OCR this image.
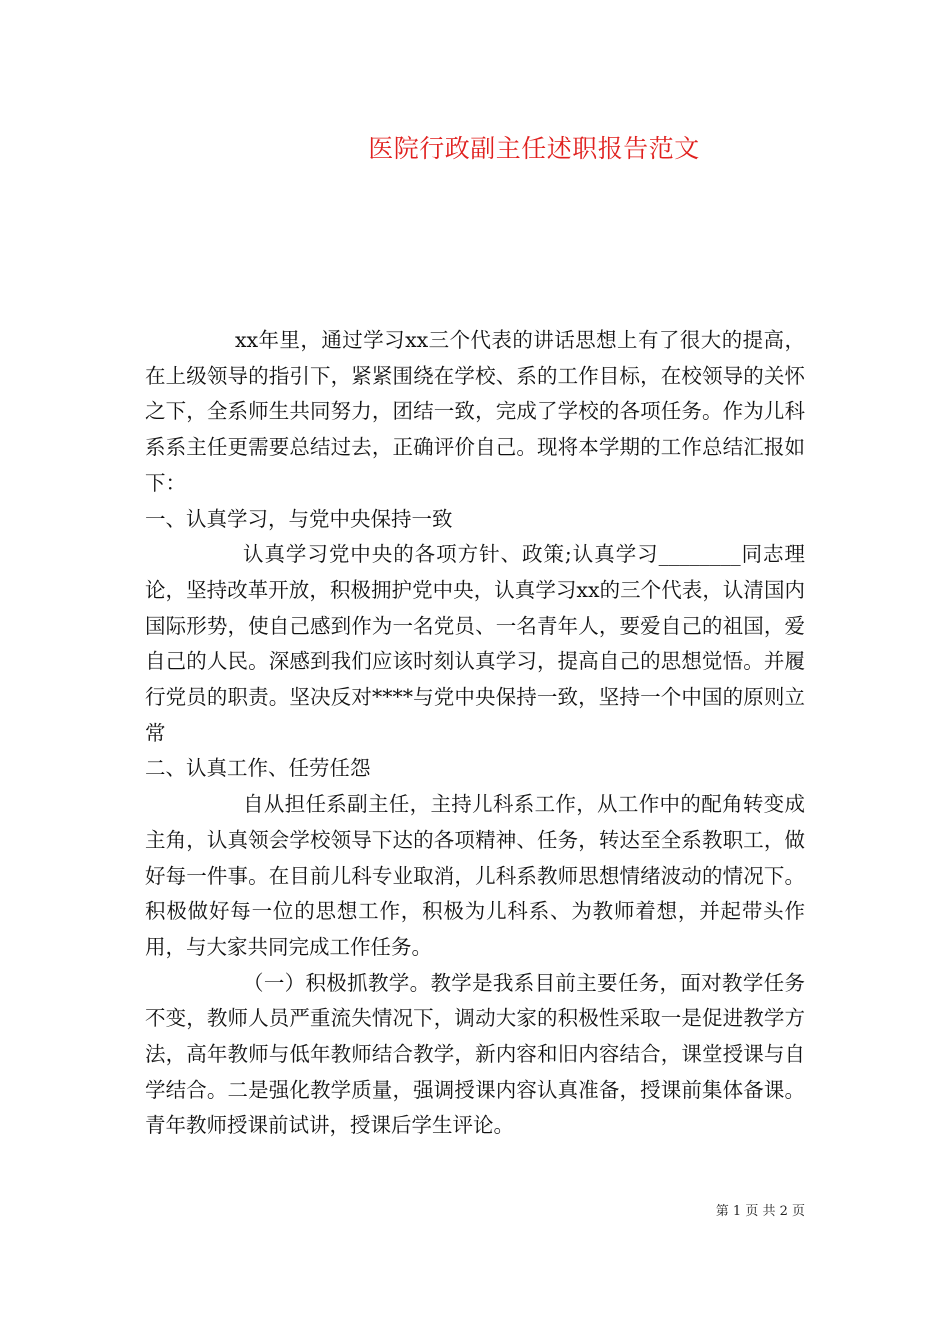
医院行政副主任述职报告范文

xx年里，通过学习xx三个代表的讲话思想上有了很大的提高，在上级领导的指引下，紧紧围绕在学校、系的工作目标，在校领导的关怀之下，全系师生共同努力，团结一致，完成了学校的各项任务。作为儿科系系主任更需要总结过去，正确评价自己。现将本学期的工作总结汇报如下：

一、认真学习，与党中央保持一致

认真学习党中央的各项方针、政策;认真学习________同志理论，坚持改革开放，积极拥护党中央，认真学习xx的三个代表，认清国内国际形势，使自己感到作为一名党员、一名青年人，要爱自己的祖国，爱自己的人民。深感到我们应该时刻认真学习，提高自己的思想觉悟。并履行党员的职责。坚决反对****与党中央保持一致，坚持一个中国的原则立常

二、认真工作、任劳任怨

自从担任系副主任，主持儿科系工作，从工作中的配角转变成主角，认真领会学校领导下达的各项精神、任务，转达至全系教职工，做好每一件事。在目前儿科专业取消，儿科系教师思想情绪波动的情况下。积极做好每一位的思想工作，积极为儿科系、为教师着想，并起带头作用，与大家共同完成工作任务。

（一）积极抓教学。教学是我系目前主要任务，面对教学任务不变，教师人员严重流失情况下，调动大家的积极性采取一是促进教学方法，高年教师与低年教师结合教学，新内容和旧内容结合，课堂授课与自学结合。二是强化教学质量，强调授课内容认真准备，授课前集体备课。青年教师授课前试讲，授课后学生评论。

第 1 页 共 2 页
